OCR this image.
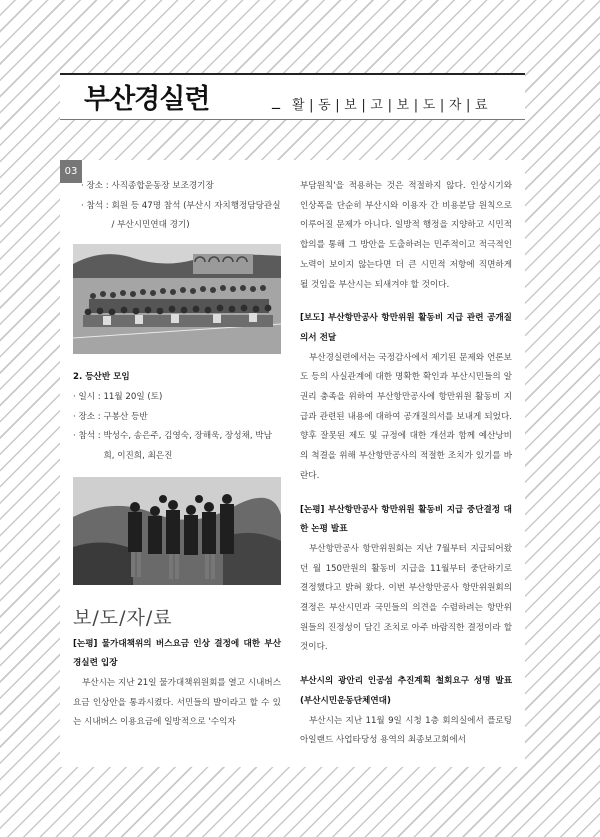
부산경실련	_ 활|동|보|고|보|도|자|료
03
· 장소 : 사직종합운동장 보조경기장
· 참석 : 회원 등 47명 참석 (부산시 자치행정담당관실 / 부산시민연대 경기)
2. 등산반 모임
· 일시 : 11월 20일 (토)
· 장소 : 구봉산 등반
· 참석 : 박성수, 송은주, 김영숙, 장해욱, 장성채, 박남희, 이진희, 최은진
보/도/자/료
[논평] 물가대책위의 버스요금 인상 결정에 대한 부산경실련 입장
부산시는 지난 21일 물가대책위원회를 열고 시내버스 요금 인상안을 통과시켰다. 서민들의 발이라고 할 수 있는 시내버스 이용요금에 일방적으로 '수익자
부담원칙'을 적용하는 것은 적절하지 않다. 인상시기와 인상폭을 단순히 부산시와 이용자 간 비용분담 원칙으로 이루어질 문제가 아니다. 일방적 행정을 지양하고 시민적 합의를 통해 그 방안을 도출하려는 민주적이고 적극적인 노력이 보이지 않는다면 더 큰 시민적 저항에 직면하게 될 것임을 부산시는 되새겨야 할 것이다.
[보도] 부산항만공사 항만위원 활동비 지급 관련 공개질의서 전달
부산경실련에서는 국정감사에서 제기된 문제와 언론보도 등의 사실관계에 대한 명확한 확인과 부산시민들의 알권리 충족을 위하여 부산항만공사에 항만위원 활동비 지급과 관련된 내용에 대하여 공개질의서를 보내게 되었다. 향후 잘못된 제도 및 규정에 대한 개선과 함께 예산낭비의 척결을 위해 부산항만공사의 적절한 조치가 있기를 바란다.
[논평] 부산항만공사 항만위원 활동비 지급 중단결정 대한 논평 발표
부산항만공사 항만위원회는 지난 7월부터 지급되어왔던 월 150만원의 활동비 지급을 11월부터 중단하기로 결정했다고 밝혀 왔다. 이번 부산항만공사 항만위원회의 결정은 부산시민과 국민들의 의견을 수렴하려는 항만위원들의 진정성이 담긴 조치로 아주 바람직한 결정이라 할 것이다.
부산시의 광안리 인공섬 추진계획 철회요구 성명 발표(부산시민운동단체연대)
부산시는 지난 11월 9일 시청 1층 회의실에서 플로팅 아일랜드 사업타당성 용역의 최종보고회에서
